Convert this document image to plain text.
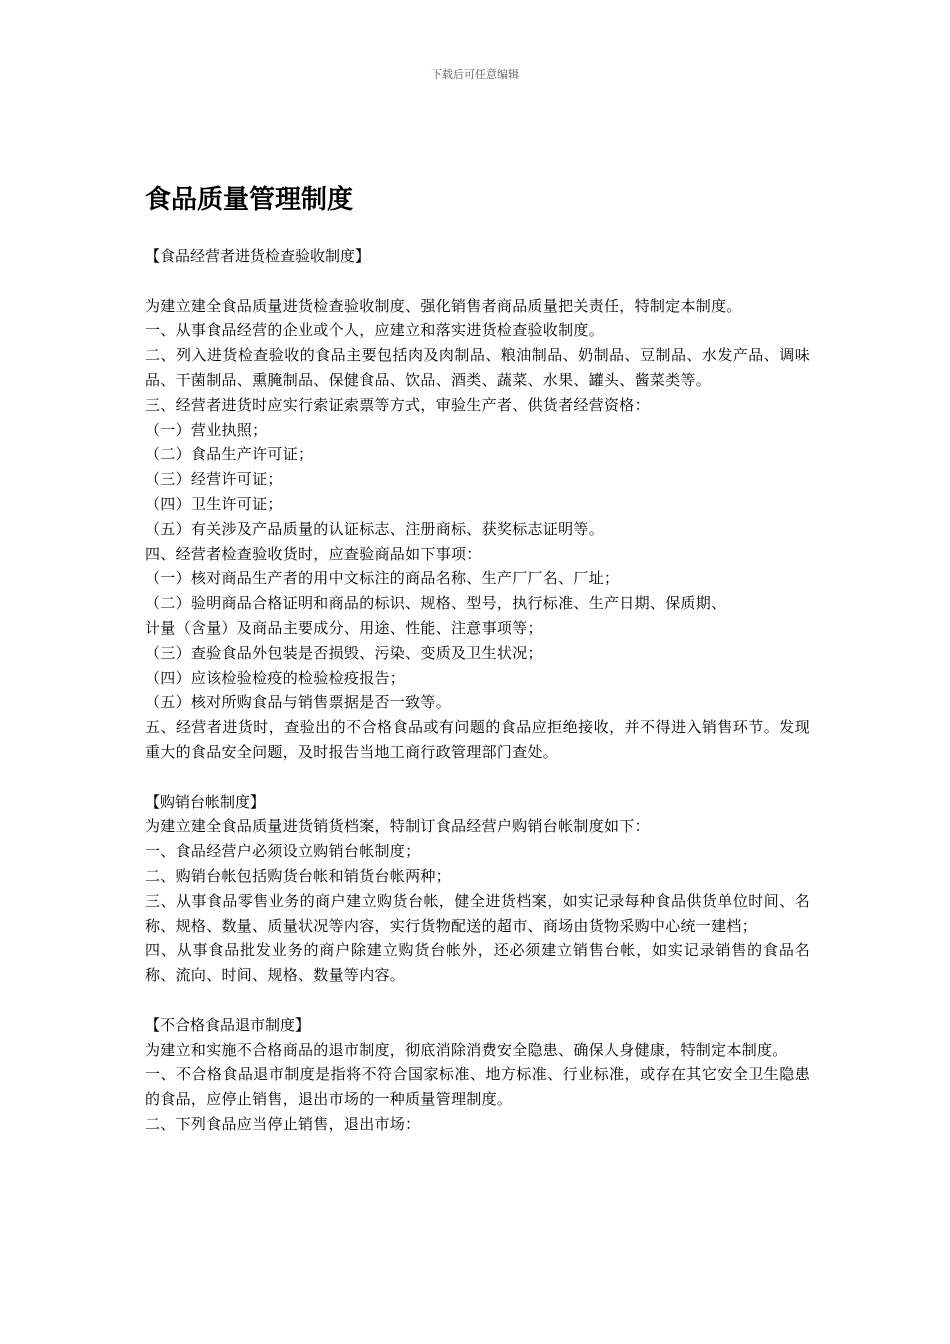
下载后可任意编辑
食品质量管理制度

【食品经营者进货检查验收制度】

为建立建全食品质量进货检查验收制度、强化销售者商品质量把关责任，特制定本制度。

一、从事食品经营的企业或个人，应建立和落实进货检查验收制度。

二、列入进货检查验收的食品主要包括肉及肉制品、粮油制品、奶制品、豆制品、水发产品、调味品、干菌制品、熏腌制品、保健食品、饮品、酒类、蔬菜、水果、罐头、酱菜类等。

三、经营者进货时应实行索证索票等方式，审验生产者、供货者经营资格：

（一）营业执照；

（二）食品生产许可证；

（三）经营许可证；

（四）卫生许可证；

（五）有关涉及产品质量的认证标志、注册商标、获奖标志证明等。

四、经营者检查验收货时，应查验商品如下事项：

（一）核对商品生产者的用中文标注的商品名称、生产厂厂名、厂址；

（二）验明商品合格证明和商品的标识、规格、型号，执行标准、生产日期、保质期、

计量（含量）及商品主要成分、用途、性能、注意事项等；

（三）查验食品外包装是否损毁、污染、变质及卫生状况；

（四）应该检验检疫的检验检疫报告；

（五）核对所购食品与销售票据是否一致等。

五、经营者进货时，查验出的不合格食品或有问题的食品应拒绝接收，并不得进入销售环节。发现重大的食品安全问题，及时报告当地工商行政管理部门查处。

【购销台帐制度】

为建立建全食品质量进货销货档案，特制订食品经营户购销台帐制度如下：

一、食品经营户必须设立购销台帐制度；

二、购销台帐包括购货台帐和销货台帐两种；

三、从事食品零售业务的商户建立购货台帐，健全进货档案，如实记录每种食品供货单位时间、名称、规格、数量、质量状况等内容，实行货物配送的超市、商场由货物采购中心统一建档；

四、从事食品批发业务的商户除建立购货台帐外，还必须建立销售台帐，如实记录销售的食品名称、流向、时间、规格、数量等内容。

【不合格食品退市制度】

为建立和实施不合格商品的退市制度，彻底消除消费安全隐患、确保人身健康，特制定本制度。

一、不合格食品退市制度是指将不符合国家标准、地方标准、行业标准，或存在其它安全卫生隐患的食品，应停止销售，退出市场的一种质量管理制度。

二、下列食品应当停止销售，退出市场：
